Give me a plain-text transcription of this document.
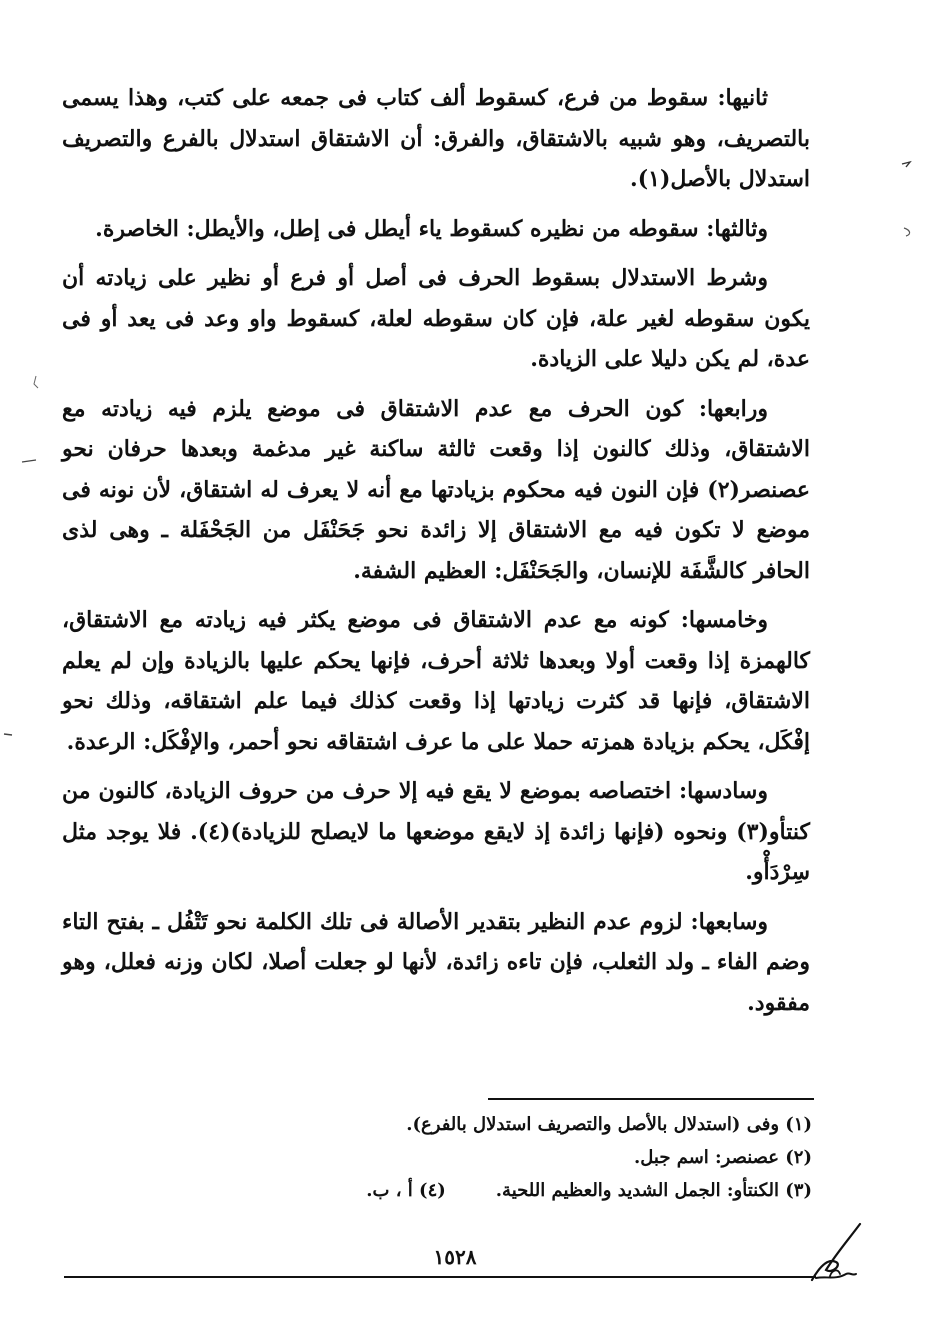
ثانيها: سقوط من فرع، كسقوط ألف كتاب فى جمعه على كتب، وهذا يسمى بالتصريف، وهو شبيه بالاشتقاق، والفرق: أن الاشتقاق استدلال بالفرع والتصريف استدلال بالأصل(١).

وثالثها: سقوطه من نظيره كسقوط ياء أيطل فى إطل، والأيطل: الخاصرة.

وشرط الاستدلال بسقوط الحرف فى أصل أو فرع أو نظير على زيادته أن يكون سقوطه لغير علة، فإن كان سقوطه لعلة، كسقوط واو وعد فى يعد أو فى عدة، لم يكن دليلا على الزيادة.

ورابعها: كون الحرف مع عدم الاشتقاق فى موضع يلزم فيه زيادته مع الاشتقاق، وذلك كالنون إذا وقعت ثالثة ساكنة غير مدغمة وبعدها حرفان نحو عصنصر(٢) فإن النون فيه محكوم بزيادتها مع أنه لا يعرف له اشتقاق، لأن نونه فى موضع لا تكون فيه مع الاشتقاق إلا زائدة نحو جَحَنْفَل من الجَحْفَلة ـ وهى لذى الحافر كالشَّفَة للإنسان، والجَحَنْفَل: العظيم الشفة.

وخامسها: كونه مع عدم الاشتقاق فى موضع يكثر فيه زيادته مع الاشتقاق، كالهمزة إذا وقعت أولا وبعدها ثلاثة أحرف، فإنها يحكم عليها بالزيادة وإن لم يعلم الاشتقاق، فإنها قد كثرت زيادتها إذا وقعت كذلك فيما علم اشتقاقه، وذلك نحو إفْكَل، يحكم بزيادة همزته حملا على ما عرف اشتقاقه نحو أحمر، والإفْكَل: الرعدة.

وسادسها: اختصاصه بموضع لا يقع فيه إلا حرف من حروف الزيادة، كالنون من كنتأو(٣) ونحوه (فإنها زائدة إذ لايقع موضعها ما لايصلح للزيادة)(٤). فلا يوجد مثل سِرْدَأْو.

وسابعها: لزوم عدم النظير بتقدير الأصالة فى تلك الكلمة نحو تَتْفُل ـ بفتح التاء وضم الفاء ـ ولد الثعلب، فإن تاءه زائدة، لأنها لو جعلت أصلا، لكان وزنه فعلل، وهو مفقود.

(١) وفى (استدلال بالأصل والتصريف استدلال بالفرع).
(٢) عصنصر: اسم جبل.
(٣) الكنتأو: الجمل الشديد والعظيم اللحية.(٤) أ ، ب.
١٥٢٨
